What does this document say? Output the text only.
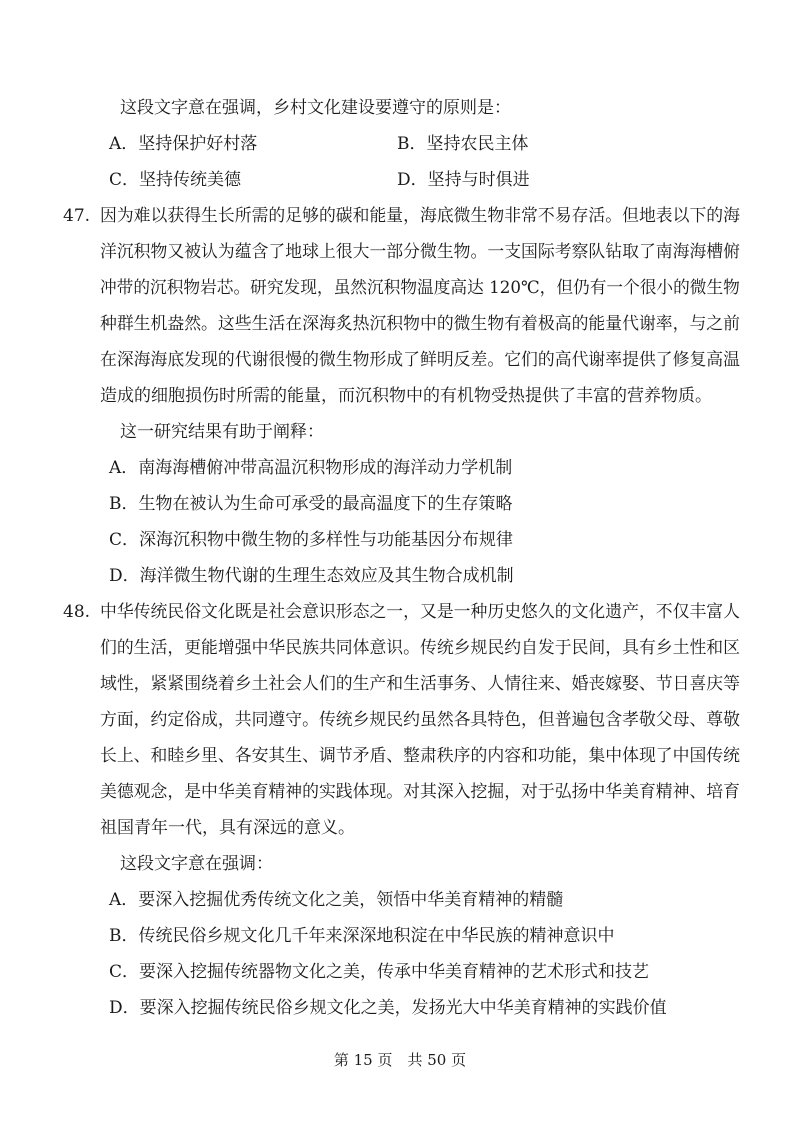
这段文字意在强调，乡村文化建设要遵守的原则是：
A．坚持保护好村落	B．坚持农民主体
C．坚持传统美德	D．坚持与时俱进
47. 因为难以获得生长所需的足够的碳和能量，海底微生物非常不易存活。但地表以下的海
洋沉积物又被认为蕴含了地球上很大一部分微生物。一支国际考察队钻取了南海海槽俯
冲带的沉积物岩芯。研究发现，虽然沉积物温度高达 120℃，但仍有一个很小的微生物
种群生机盎然。这些生活在深海炙热沉积物中的微生物有着极高的能量代谢率，与之前
在深海海底发现的代谢很慢的微生物形成了鲜明反差。它们的高代谢率提供了修复高温
造成的细胞损伤时所需的能量，而沉积物中的有机物受热提供了丰富的营养物质。
这一研究结果有助于阐释：
A．南海海槽俯冲带高温沉积物形成的海洋动力学机制
B．生物在被认为生命可承受的最高温度下的生存策略
C．深海沉积物中微生物的多样性与功能基因分布规律
D．海洋微生物代谢的生理生态效应及其生物合成机制
48. 中华传统民俗文化既是社会意识形态之一，又是一种历史悠久的文化遗产，不仅丰富人
们的生活，更能增强中华民族共同体意识。传统乡规民约自发于民间，具有乡土性和区
域性，紧紧围绕着乡土社会人们的生产和生活事务、人情往来、婚丧嫁娶、节日喜庆等
方面，约定俗成，共同遵守。传统乡规民约虽然各具特色，但普遍包含孝敬父母、尊敬
长上、和睦乡里、各安其生、调节矛盾、整肃秩序的内容和功能，集中体现了中国传统
美德观念，是中华美育精神的实践体现。对其深入挖掘，对于弘扬中华美育精神、培育
祖国青年一代，具有深远的意义。
这段文字意在强调：
A．要深入挖掘优秀传统文化之美，领悟中华美育精神的精髓
B．传统民俗乡规文化几千年来深深地积淀在中华民族的精神意识中
C．要深入挖掘传统器物文化之美，传承中华美育精神的艺术形式和技艺
D．要深入挖掘传统民俗乡规文化之美，发扬光大中华美育精神的实践价值
第 15 页　共 50 页
